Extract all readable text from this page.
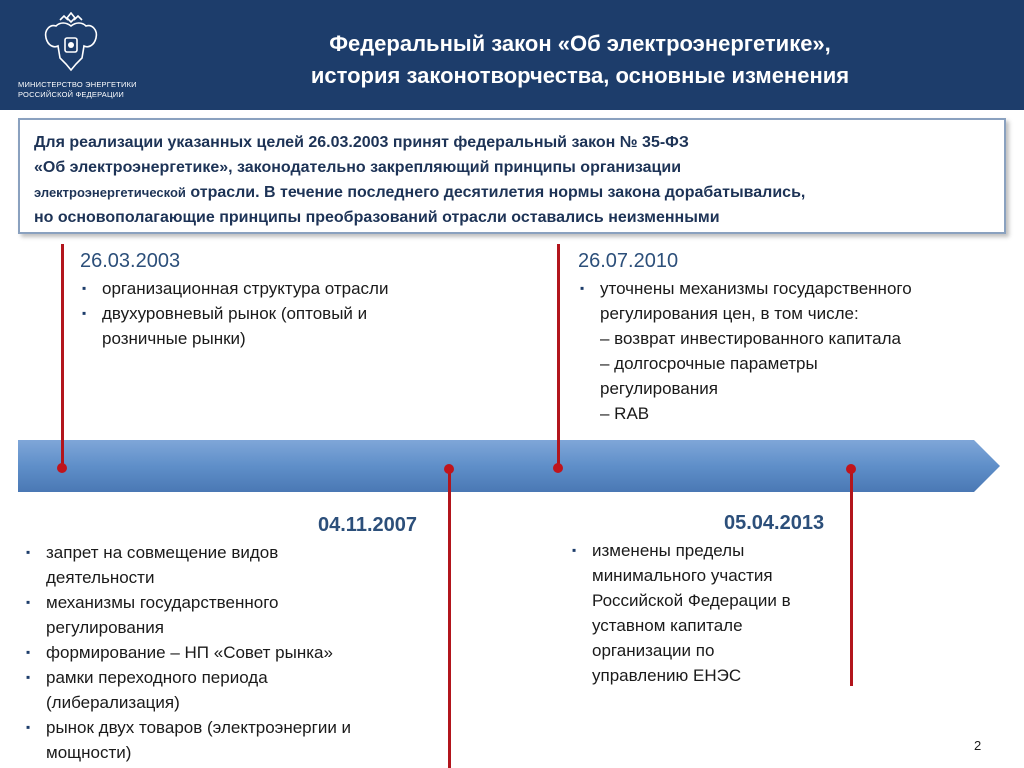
МИНИСТЕРСТВО ЭНЕРГЕТИКИ
РОССИЙСКОЙ ФЕДЕРАЦИИ
Федеральный закон «Об электроэнергетике»,
история законотворчества, основные изменения
Для реализации указанных целей 26.03.2003 принят федеральный закон № 35-ФЗ
«Об электроэнергетике», законодательно закрепляющий принципы организации
электроэнергетической отрасли. В течение последнего десятилетия нормы закона дорабатывались,
но основополагающие принципы преобразований отрасли оставались неизменными
26.03.2003
▪ организационная структура отрасли
▪ двухуровневый рынок (оптовый и
розничные рынки)
26.07.2010
▪ уточнены механизмы государственного
регулирования цен, в том числе:
– возврат инвестированного капитала
– долгосрочные параметры
регулирования
– RAB
04.11.2007
▪ запрет на совмещение видов
деятельности
▪ механизмы государственного
регулирования
▪ формирование – НП «Совет рынка»
▪ рамки переходного периода
(либерализация)
▪ рынок двух товаров (электроэнергии и
мощности)
05.04.2013
▪ изменены пределы
минимального участия
Российской Федерации в
уставном капитале
организации по
управлению ЕНЭС
2
